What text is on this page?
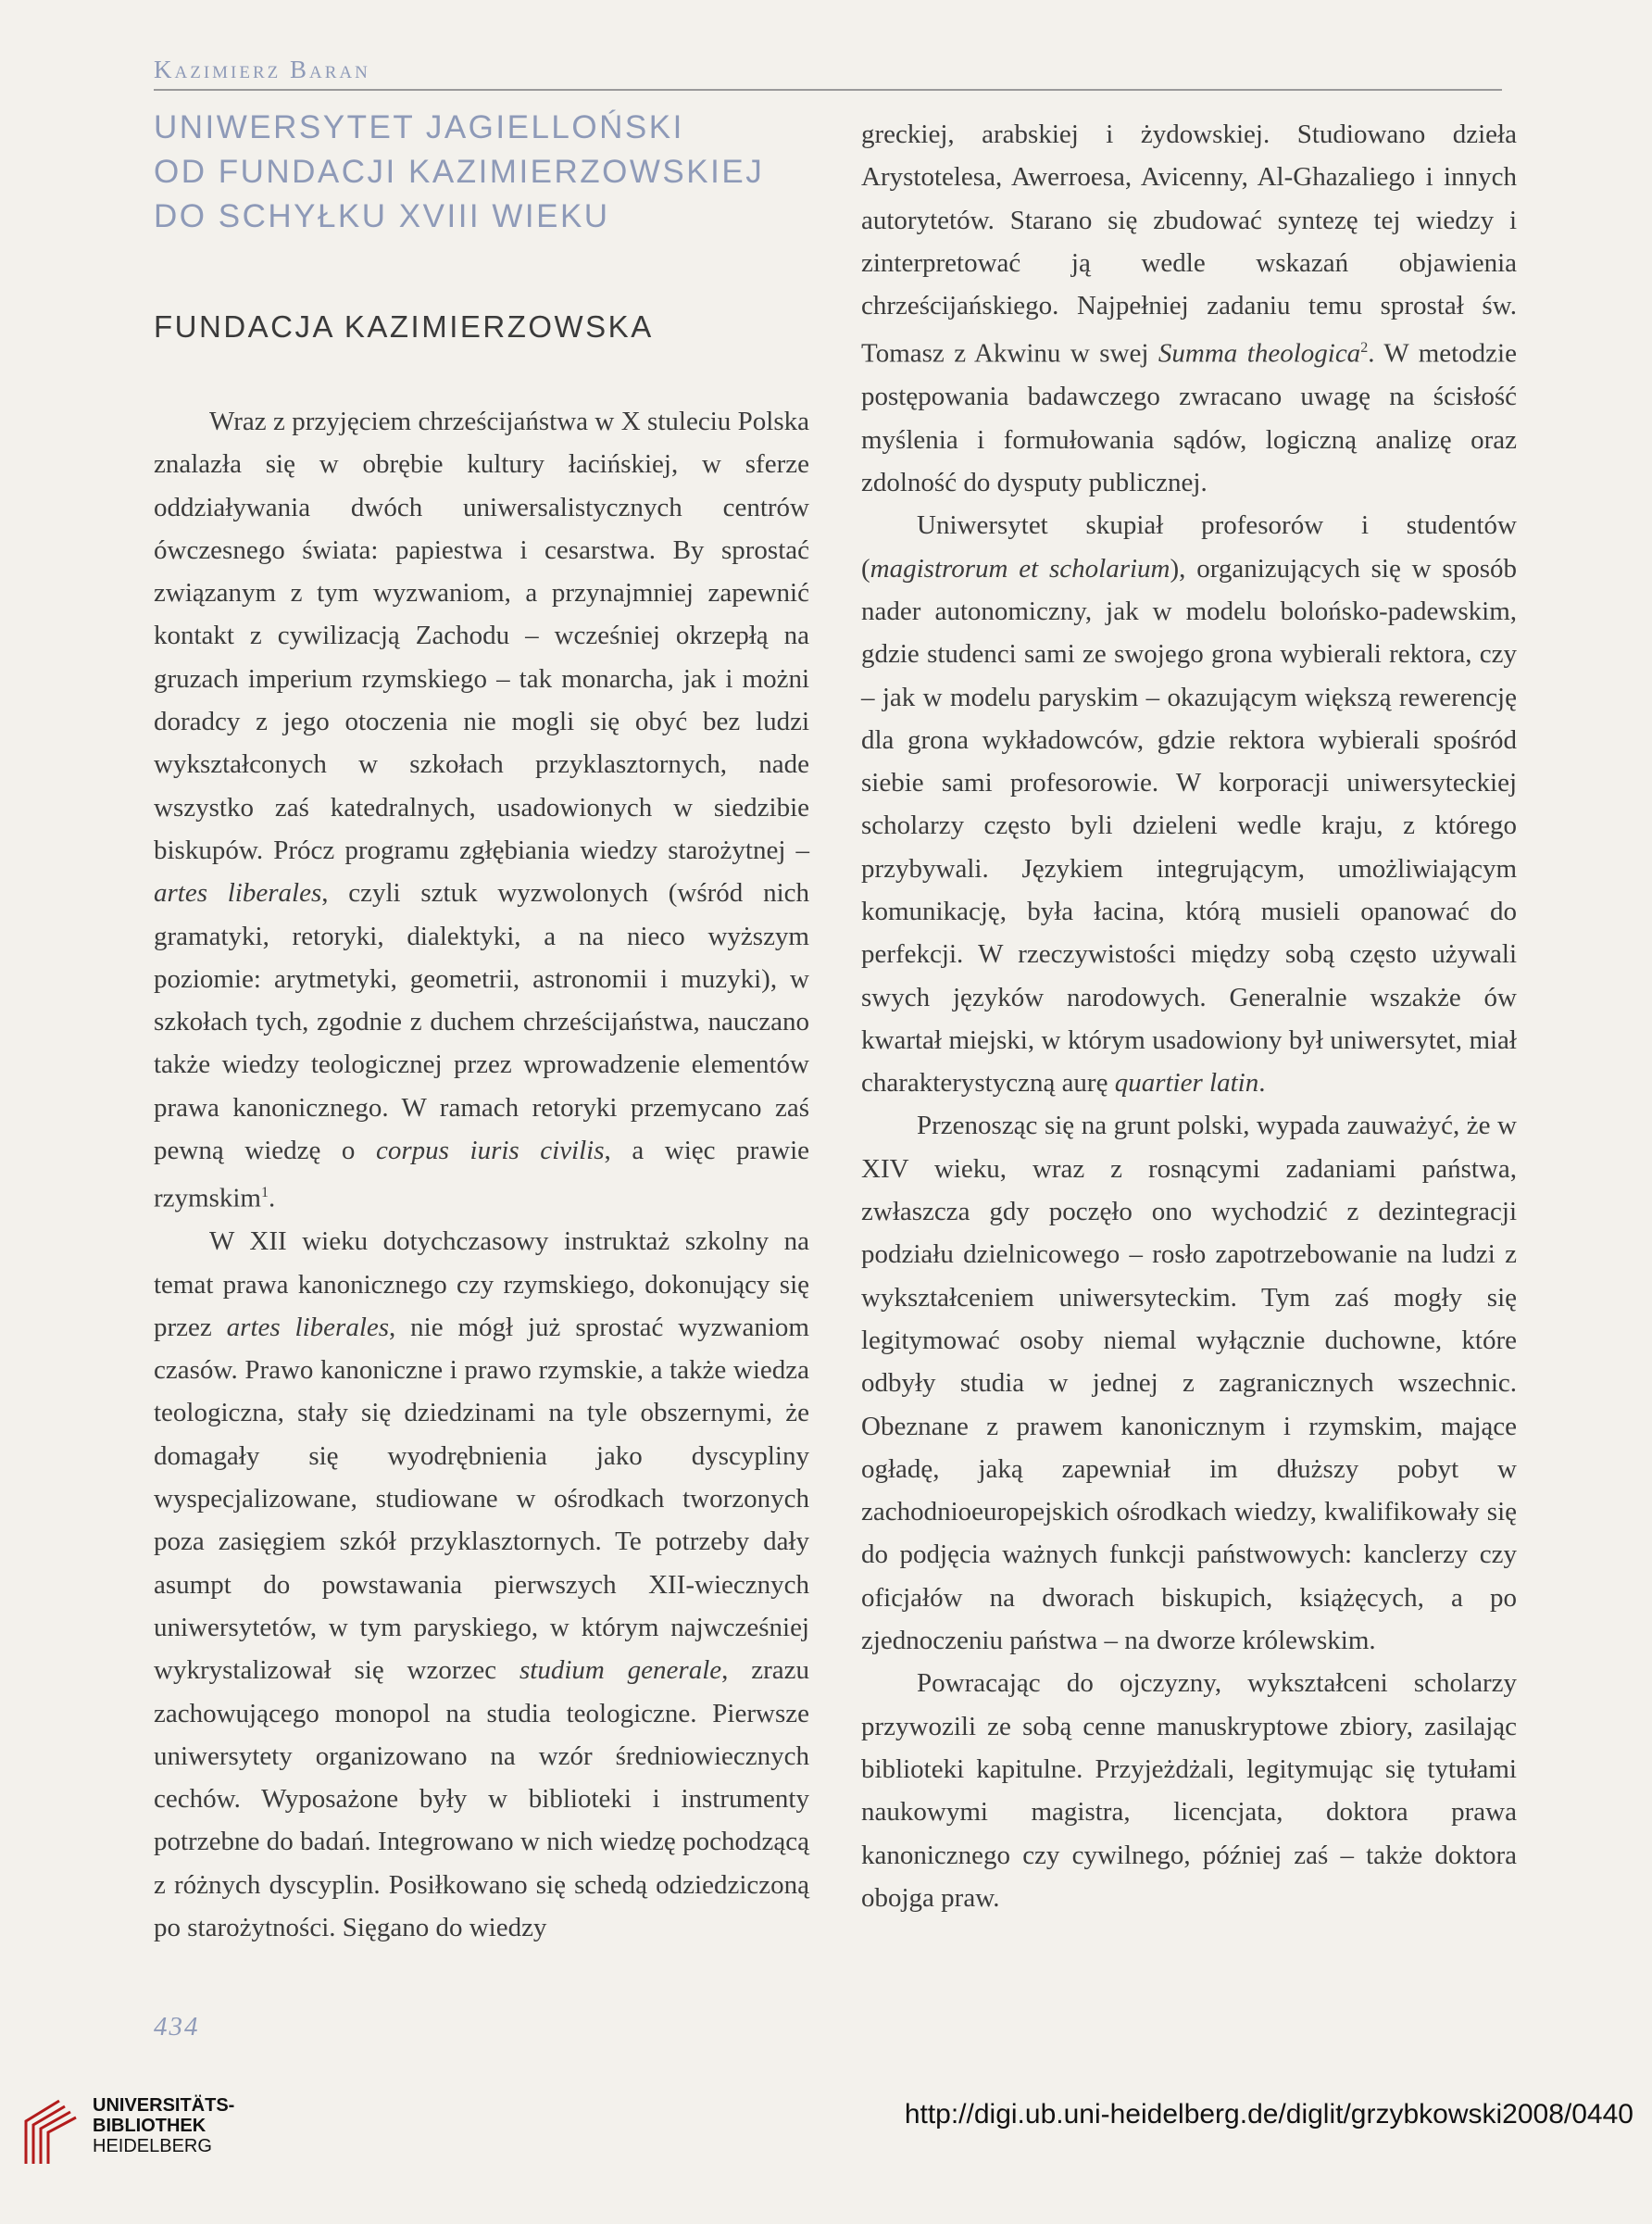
Kazimierz Baran
UNIWERSYTET JAGIELLOŃSKI
OD FUNDACJI KAZIMIERZOWSKIEJ
DO SCHYŁKU XVIII WIEKU
FUNDACJA KAZIMIERZOWSKA

Wraz z przyjęciem chrześcijaństwa w X stuleciu Polska znalazła się w obrębie kultury łacińskiej, w sferze oddziaływania dwóch uniwersalistycznych centrów ówczesnego świata: papiestwa i cesarstwa. By sprostać związanym z tym wyzwaniom, a przynajmniej zapewnić kontakt z cywilizacją Zachodu – wcześniej okrzepłą na gruzach imperium rzymskiego – tak monarcha, jak i możni doradcy z jego otoczenia nie mogli się obyć bez ludzi wykształconych w szkołach przyklasztornych, nade wszystko zaś katedralnych, usadowionych w siedzibie biskupów. Prócz programu zgłębiania wiedzy starożytnej – artes liberales, czyli sztuk wyzwolonych (wśród nich gramatyki, retoryki, dialektyki, a na nieco wyższym poziomie: arytmetyki, geometrii, astronomii i muzyki), w szkołach tych, zgodnie z duchem chrześcijaństwa, nauczano także wiedzy teologicznej przez wprowadzenie elementów prawa kanonicznego. W ramach retoryki przemycano zaś pewną wiedzę o corpus iuris civilis, a więc prawie rzymskim$^1$.

W XII wieku dotychczasowy instruktaż szkolny na temat prawa kanonicznego czy rzymskiego, dokonujący się przez artes liberales, nie mógł już sprostać wyzwaniom czasów. Prawo kanoniczne i prawo rzymskie, a także wiedza teologiczna, stały się dziedzinami na tyle obszernymi, że domagały się wyodrębnienia jako dyscypliny wyspecjalizowane, studiowane w ośrodkach tworzonych poza zasięgiem szkół przyklasztornych. Te potrzeby dały asumpt do powstawania pierwszych XII-wiecznych uniwersytetów, w tym paryskiego, w którym najwcześniej wykrystalizował się wzorzec studium generale, zrazu zachowującego monopol na studia teologiczne. Pierwsze uniwersytety organizowano na wzór średniowiecznych cechów. Wyposażone były w biblioteki i instrumenty potrzebne do badań. Integrowano w nich wiedzę pochodzącą z różnych dyscyplin. Posiłkowano się schedą odziedziczoną po starożytności. Sięgano do wiedzy

greckiej, arabskiej i żydowskiej. Studiowano dzieła Arystotelesa, Awerroesa, Avicenny, Al-Ghazaliego i innych autorytetów. Starano się zbudować syntezę tej wiedzy i zinterpretować ją wedle wskazań objawienia chrześcijańskiego. Najpełniej zadaniu temu sprostał św. Tomasz z Akwinu w swej Summa theologica$^2$. W metodzie postępowania badawczego zwracano uwagę na ścisłość myślenia i formułowania sądów, logiczną analizę oraz zdolność do dysputy publicznej.

Uniwersytet skupiał profesorów i studentów (magistrorum et scholarium), organizujących się w sposób nader autonomiczny, jak w modelu bolońsko-padewskim, gdzie studenci sami ze swojego grona wybierali rektora, czy – jak w modelu paryskim – okazującym większą rewerencję dla grona wykładowców, gdzie rektora wybierali spośród siebie sami profesorowie. W korporacji uniwersyteckiej scholarzy często byli dzieleni wedle kraju, z którego przybywali. Językiem integrującym, umożliwiającym komunikację, była łacina, którą musieli opanować do perfekcji. W rzeczywistości między sobą często używali swych języków narodowych. Generalnie wszakże ów kwartał miejski, w którym usadowiony był uniwersytet, miał charakterystyczną aurę quartier latin.

Przenosząc się na grunt polski, wypada zauważyć, że w XIV wieku, wraz z rosnącymi zadaniami państwa, zwłaszcza gdy poczęło ono wychodzić z dezintegracji podziału dzielnicowego – rosło zapotrzebowanie na ludzi z wykształceniem uniwersyteckim. Tym zaś mogły się legitymować osoby niemal wyłącznie duchowne, które odbyły studia w jednej z zagranicznych wszechnic. Obeznane z prawem kanonicznym i rzymskim, mające ogładę, jaką zapewniał im dłuższy pobyt w zachodnioeuropejskich ośrodkach wiedzy, kwalifikowały się do podjęcia ważnych funkcji państwowych: kanclerzy czy oficjałów na dworach biskupich, książęcych, a po zjednoczeniu państwa – na dworze królewskim.

Powracając do ojczyzny, wykształceni scholarzy przywozili ze sobą cenne manuskryptowe zbiory, zasilając biblioteki kapitulne. Przyjeżdżali, legitymując się tytułami naukowymi magistra, licencjata, doktora prawa kanonicznego czy cywilnego, później zaś – także doktora obojga praw.

434
UNIVERSITÄTS-
BIBLIOTHEK
HEIDELBERG
http://digi.ub.uni-heidelberg.de/diglit/grzybkowski2008/0440
